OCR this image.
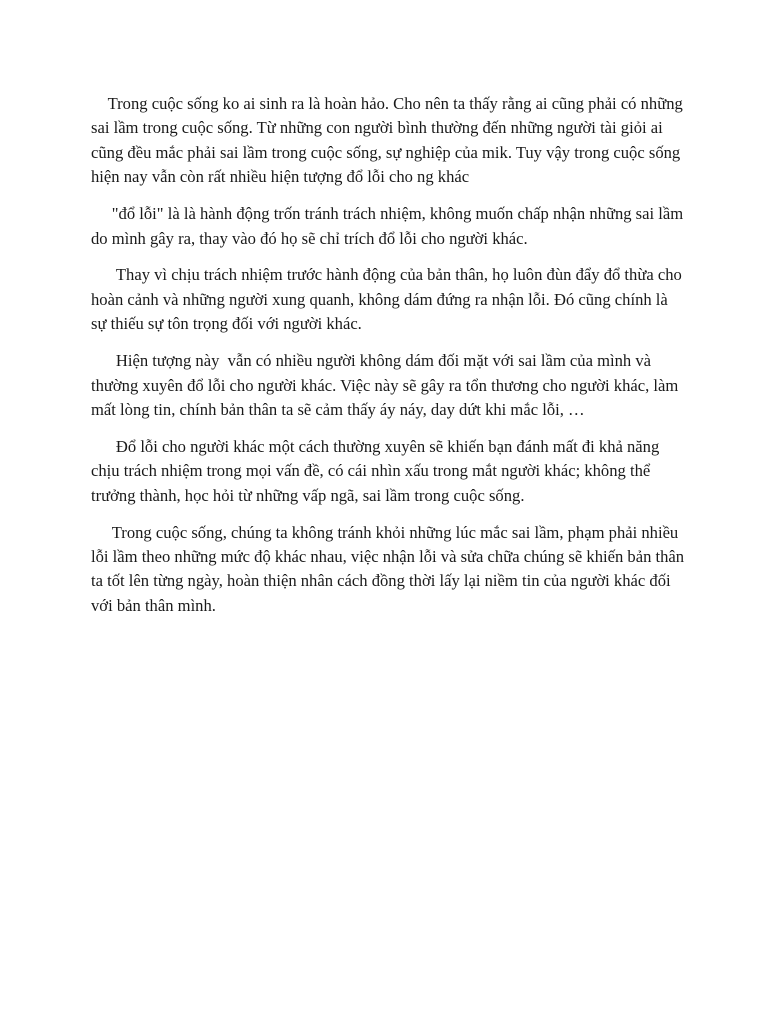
Trong cuộc sống ko ai sinh ra là hoàn hảo. Cho nên ta thấy rằng ai cũng phải có những sai lầm trong cuộc sống. Từ những con người bình thường đến những người tài giỏi ai cũng đều mắc phải sai lầm trong cuộc sống, sự nghiệp của mik. Tuy vậy trong cuộc sống hiện nay vẫn còn rất nhiều hiện tượng đổ lỗi cho ng khác

"đổ lỗi" là là hành động trốn tránh trách nhiệm, không muốn chấp nhận những sai lầm do mình gây ra, thay vào đó họ sẽ chỉ trích đổ lỗi cho người khác.

Thay vì chịu trách nhiệm trước hành động của bản thân, họ luôn đùn đẩy đổ thừa cho hoàn cảnh và những người xung quanh, không dám đứng ra nhận lỗi. Đó cũng chính là sự thiếu sự tôn trọng đối với người khác.

Hiện tượng này  vẫn có nhiều người không dám đối mặt với sai lầm của mình và thường xuyên đổ lỗi cho người khác. Việc này sẽ gây ra tổn thương cho người khác, làm mất lòng tin, chính bản thân ta sẽ cảm thấy áy náy, day dứt khi mắc lỗi, …

Đổ lỗi cho người khác một cách thường xuyên sẽ khiến bạn đánh mất đi khả năng chịu trách nhiệm trong mọi vấn đề, có cái nhìn xấu trong mắt người khác; không thể trưởng thành, học hỏi từ những vấp ngã, sai lầm trong cuộc sống.

Trong cuộc sống, chúng ta không tránh khỏi những lúc mắc sai lầm, phạm phải nhiều lỗi lầm theo những mức độ khác nhau, việc nhận lỗi và sửa chữa chúng sẽ khiến bản thân ta tốt lên từng ngày, hoàn thiện nhân cách đồng thời lấy lại niềm tin của người khác đối với bản thân mình.
